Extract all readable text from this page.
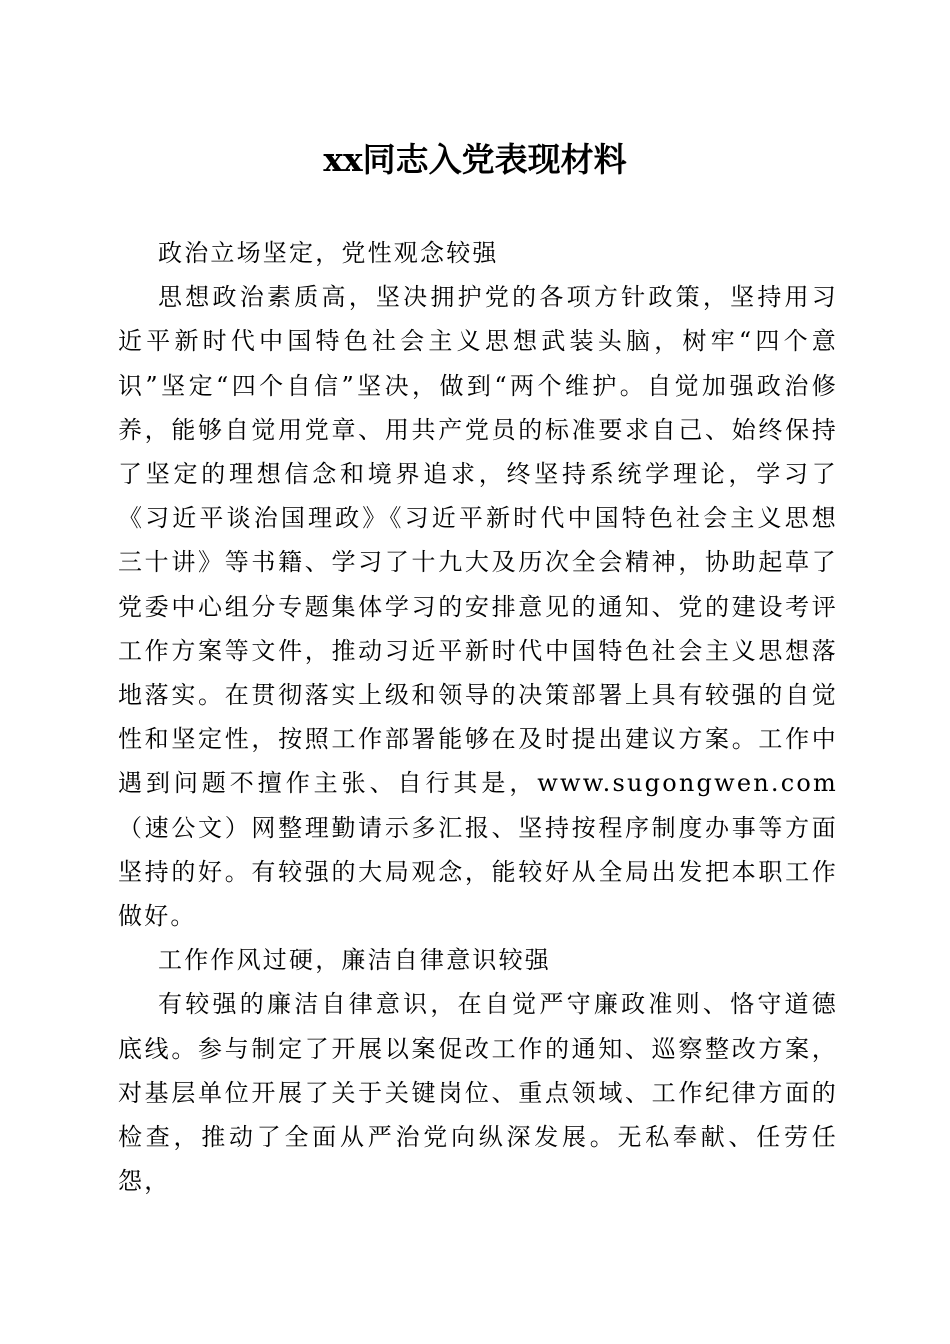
xx同志入党表现材料

政治立场坚定，党性观念较强

思想政治素质高，坚决拥护党的各项方针政策，坚持用习近平新时代中国特色社会主义思想武装头脑，树牢“四个意识”坚定“四个自信”坚决，做到“两个维护。自觉加强政治修养，能够自觉用党章、用共产党员的标准要求自己、始终保持了坚定的理想信念和境界追求，终坚持系统学理论，学习了《习近平谈治国理政》《习近平新时代中国特色社会主义思想三十讲》等书籍、学习了十九大及历次全会精神，协助起草了党委中心组分专题集体学习的安排意见的通知、党的建设考评工作方案等文件，推动习近平新时代中国特色社会主义思想落地落实。在贯彻落实上级和领导的决策部署上具有较强的自觉性和坚定性，按照工作部署能够在及时提出建议方案。工作中遇到问题不擅作主张、自行其是，www.sugongwen.com（速公文）网整理勤请示多汇报、坚持按程序制度办事等方面坚持的好。有较强的大局观念，能较好从全局出发把本职工作做好。

工作作风过硬，廉洁自律意识较强

有较强的廉洁自律意识，在自觉严守廉政准则、恪守道德底线。参与制定了开展以案促改工作的通知、巡察整改方案，对基层单位开展了关于关键岗位、重点领域、工作纪律方面的检查，推动了全面从严治党向纵深发展。无私奉献、任劳任怨，
